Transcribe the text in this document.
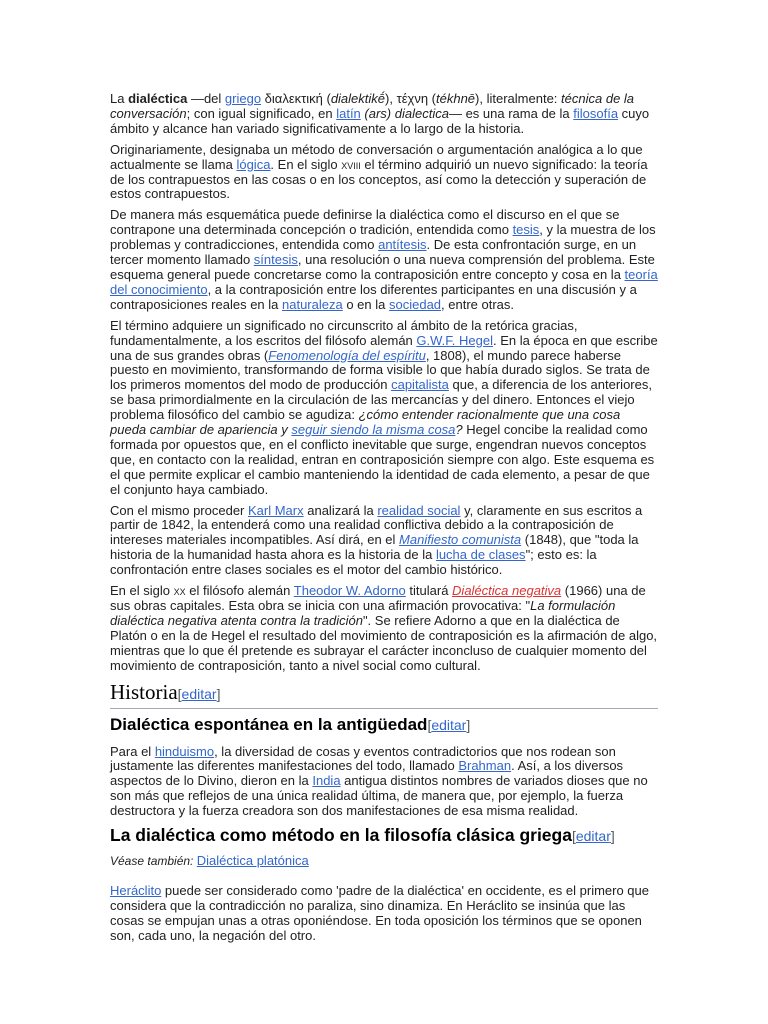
La dialéctica —del griego διαλεκτική (dialektikḗ), τέχνη (tékhnē), literalmente: técnica de la conversación; con igual significado, en latín (ars) dialectica— es una rama de la filosofía cuyo ámbito y alcance han variado significativamente a lo largo de la historia.

Originariamente, designaba un método de conversación o argumentación analógica a lo que actualmente se llama lógica. En el siglo xviii el término adquirió un nuevo significado: la teoría de los contrapuestos en las cosas o en los conceptos, así como la detección y superación de estos contrapuestos.

De manera más esquemática puede definirse la dialéctica como el discurso en el que se contrapone una determinada concepción o tradición, entendida como tesis, y la muestra de los problemas y contradicciones, entendida como antítesis. De esta confrontación surge, en un tercer momento llamado síntesis, una resolución o una nueva comprensión del problema. Este esquema general puede concretarse como la contraposición entre concepto y cosa en la teoría del conocimiento, a la contraposición entre los diferentes participantes en una discusión y a contraposiciones reales en la naturaleza o en la sociedad, entre otras.

El término adquiere un significado no circunscrito al ámbito de la retórica gracias, fundamentalmente, a los escritos del filósofo alemán G.W.F. Hegel. En la época en que escribe una de sus grandes obras (Fenomenología del espíritu, 1808), el mundo parece haberse puesto en movimiento, transformando de forma visible lo que había durado siglos. Se trata de los primeros momentos del modo de producción capitalista que, a diferencia de los anteriores, se basa primordialmente en la circulación de las mercancías y del dinero. Entonces el viejo problema filosófico del cambio se agudiza: ¿cómo entender racionalmente que una cosa pueda cambiar de apariencia y seguir siendo la misma cosa? Hegel concibe la realidad como formada por opuestos que, en el conflicto inevitable que surge, engendran nuevos conceptos que, en contacto con la realidad, entran en contraposición siempre con algo. Este esquema es el que permite explicar el cambio manteniendo la identidad de cada elemento, a pesar de que el conjunto haya cambiado.

Con el mismo proceder Karl Marx analizará la realidad social y, claramente en sus escritos a partir de 1842, la entenderá como una realidad conflictiva debido a la contraposición de intereses materiales incompatibles. Así dirá, en el Manifiesto comunista (1848), que "toda la historia de la humanidad hasta ahora es la historia de la lucha de clases"; esto es: la confrontación entre clases sociales es el motor del cambio histórico.

En el siglo xx el filósofo alemán Theodor W. Adorno titulará Dialéctica negativa (1966) una de sus obras capitales. Esta obra se inicia con una afirmación provocativa: "La formulación dialéctica negativa atenta contra la tradición". Se refiere Adorno a que en la dialéctica de Platón o en la de Hegel el resultado del movimiento de contraposición es la afirmación de algo, mientras que lo que él pretende es subrayar el carácter inconcluso de cualquier momento del movimiento de contraposición, tanto a nivel social como cultural.

Historia[editar]
Dialéctica espontánea en la antigüedad[editar]

Para el hinduismo, la diversidad de cosas y eventos contradictorios que nos rodean son justamente las diferentes manifestaciones del todo, llamado Brahman. Así, a los diversos aspectos de lo Divino, dieron en la India antigua distintos nombres de variados dioses que no son más que reflejos de una única realidad última, de manera que, por ejemplo, la fuerza destructora y la fuerza creadora son dos manifestaciones de esa misma realidad.

La dialéctica como método en la filosofía clásica griega[editar]
Véase también: Dialéctica platónica

Heráclito puede ser considerado como 'padre de la dialéctica' en occidente, es el primero que considera que la contradicción no paraliza, sino dinamiza. En Heráclito se insinúa que las cosas se empujan unas a otras oponiéndose. En toda oposición los términos que se oponen son, cada uno, la negación del otro.
